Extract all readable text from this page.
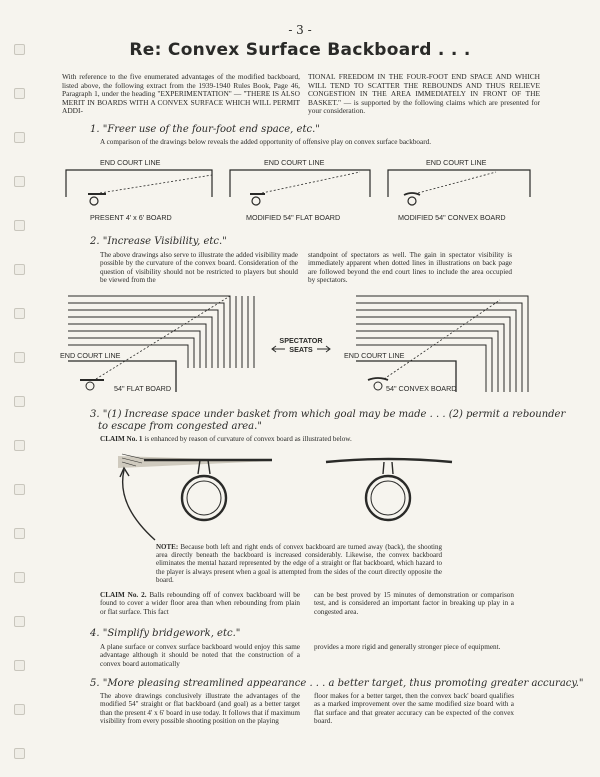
- 3 -
Re: Convex Surface Backboard . . .
With reference to the five enumerated advantages of the modified backboard, listed above, the following extract from the 1939-1940 Rules Book, Page 46, Paragraph 1, under the heading "EXPERIMENTATION" — "THERE IS ALSO MERIT IN BOARDS WITH A CONVEX SURFACE WHICH WILL PERMIT ADDI-
TIONAL FREEDOM IN THE FOUR-FOOT END SPACE AND WHICH WILL TEND TO SCATTER THE REBOUNDS AND THUS RELIEVE CONGESTION IN THE AREA IMMEDIATELY IN FRONT OF THE BASKET." — is supported by the following claims which are presented for your consideration.
1. "Freer use of the four-foot end space, etc."
A comparison of the drawings below reveals the added opportunity of offensive play on convex surface backboard.
END COURT LINE	END COURT LINE	END COURT LINE
PRESENT 4' x 6' BOARD	MODIFIED 54" FLAT BOARD	MODIFIED 54" CONVEX BOARD
2. "Increase Visibility, etc."
The above drawings also serve to illustrate the added visibility made possible by the curvature of the convex board. Consideration of the question of visibility should not be restricted to players but should be viewed from the
standpoint of spectators as well. The gain in spectator visibility is immediately apparent when dotted lines in illustrations on back page are followed beyond the end court lines to include the area occupied by spectators.
SPECTATOR
SEATS
END COURT LINE	END COURT LINE
54" FLAT BOARD	54" CONVEX BOARD
3. "(1) Increase space under basket from which goal may be made . . . (2) permit a rebounder
to escape from congested area."
CLAIM No. 1 is enhanced by reason of curvature of convex board as illustrated below.
NOTE: Because both left and right ends of convex backboard are turned away (back), the shooting area directly beneath the backboard is increased considerably. Likewise, the convex backboard eliminates the mental hazard represented by the edge of a straight or flat backboard, which hazard to the player is always present when a goal is attempted from the sides of the court directly opposite the board.
CLAIM No. 2. Balls rebounding off of convex backboard will be found to cover a wider floor area than when rebounding from plain or flat surface. This fact
can be best proved by 15 minutes of demonstration or comparison test, and is considered an important factor in breaking up play in a congested area.
4. "Simplify bridgework, etc."
A plane surface or convex surface backboard would enjoy this same advantage although it should be noted that the construction of a convex board automatically
provides a more rigid and generally stronger piece of equipment.
5. "More pleasing streamlined appearance . . . a better target, thus promoting greater accuracy."
The above drawings conclusively illustrate the advantages of the modified 54" straight or flat backboard (and goal) as a better target than the present 4' x 6' board in use today. It follows that if maximum visibility from every possible shooting position on the playing
floor makes for a better target, then the convex back' board qualifies as a marked improvement over the same modified size board with a flat surface and that greater accuracy can be expected of the convex board.
